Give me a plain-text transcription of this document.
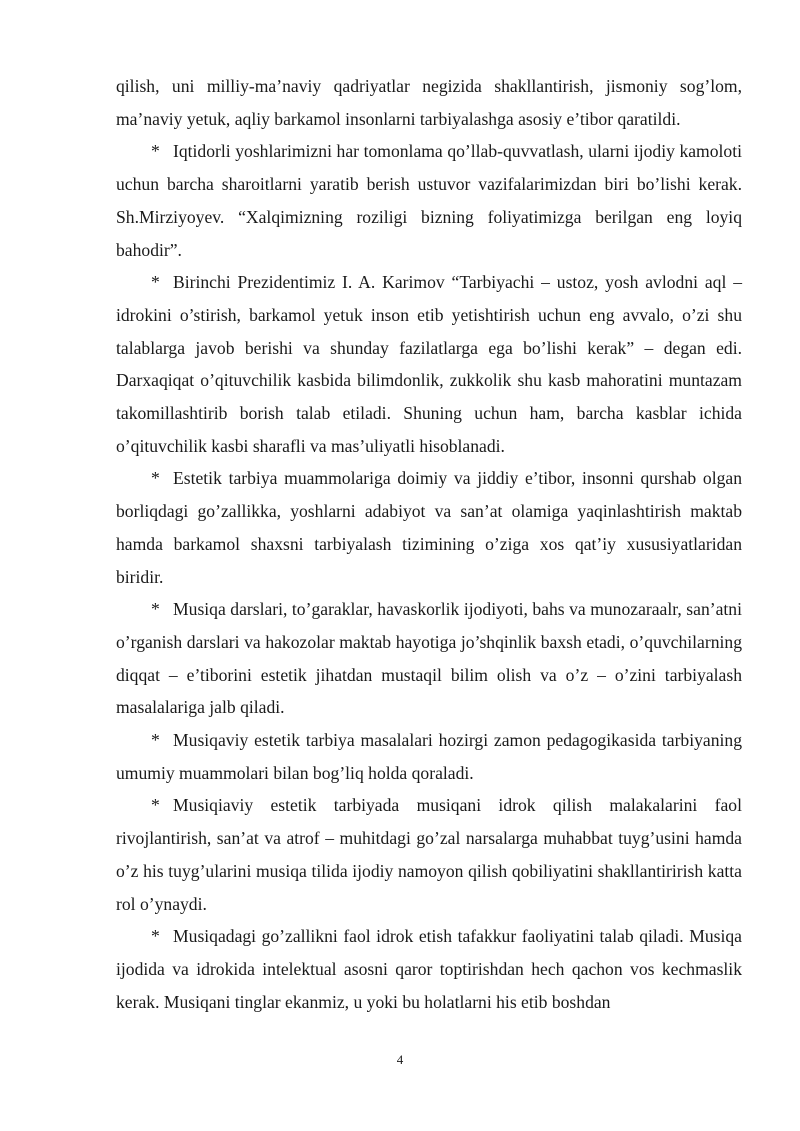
qilish, uni milliy-ma’naviy qadriyatlar negizida shakllantirish, jismoniy sog’lom, ma’naviy yetuk, aqliy barkamol insonlarni tarbiyalashga asosiy e’tibor qaratildi.

* Iqtidorli yoshlarimizni har tomonlama qo’llab-quvvatlash, ularni ijodiy kamoloti uchun barcha sharoitlarni yaratib berish ustuvor vazifalarimizdan biri bo’lishi kerak. Sh.Mirziyoyev. “Xalqimizning roziligi bizning foliyatimizga berilgan eng loyiq bahodir”.

* Birinchi Prezidentimiz I. A. Karimov “Tarbiyachi – ustoz, yosh avlodni aql – idrokini o’stirish, barkamol yetuk inson etib yetishtirish uchun eng avvalo, o’zi shu talablarga javob berishi va shunday fazilatlarga ega bo’lishi kerak” – degan edi. Darxaqiqat o’qituvchilik kasbida bilimdonlik, zukkolik shu kasb mahoratini muntazam takomillashtirib borish talab etiladi. Shuning uchun ham, barcha kasblar ichida o’qituvchilik kasbi sharafli va mas’uliyatli hisoblanadi.

* Estetik tarbiya muammolariga doimiy va jiddiy e’tibor, insonni qurshab olgan borliqdagi go’zallikka, yoshlarni adabiyot va san’at olamiga yaqinlashtirish maktab hamda barkamol shaxsni tarbiyalash tizimining o’ziga xos qat’iy xususiyatlaridan biridir.

* Musiqa darslari, to’garaklar, havaskorlik ijodiyoti, bahs va munozaraalr, san’atni o’rganish darslari va hakozolar maktab hayotiga jo’shqinlik baxsh etadi, o’quvchilarning diqqat – e’tiborini estetik jihatdan mustaqil bilim olish va o’z – o’zini tarbiyalash masalalariga jalb qiladi.

* Musiqaviy estetik tarbiya masalalari hozirgi zamon pedagogikasida tarbiyaning umumiy muammolari bilan bog’liq holda qoraladi.

* Musiqiaviy estetik tarbiyada musiqani idrok qilish malakalarini faol rivojlantirish, san’at va atrof – muhitdagi go’zal narsalarga muhabbat tuyg’usini hamda o’z his tuyg’ularini musiqa tilida ijodiy namoyon qilish qobiliyatini shakllantirirish katta rol o’ynaydi.

* Musiqadagi go’zallikni faol idrok etish tafakkur faoliyatini talab qiladi. Musiqa ijodida va idrokida intelektual asosni qaror toptirishdan hech qachon vos kechmaslik kerak. Musiqani tinglar ekanmiz, u yoki bu holatlarni his etib boshdan

4
